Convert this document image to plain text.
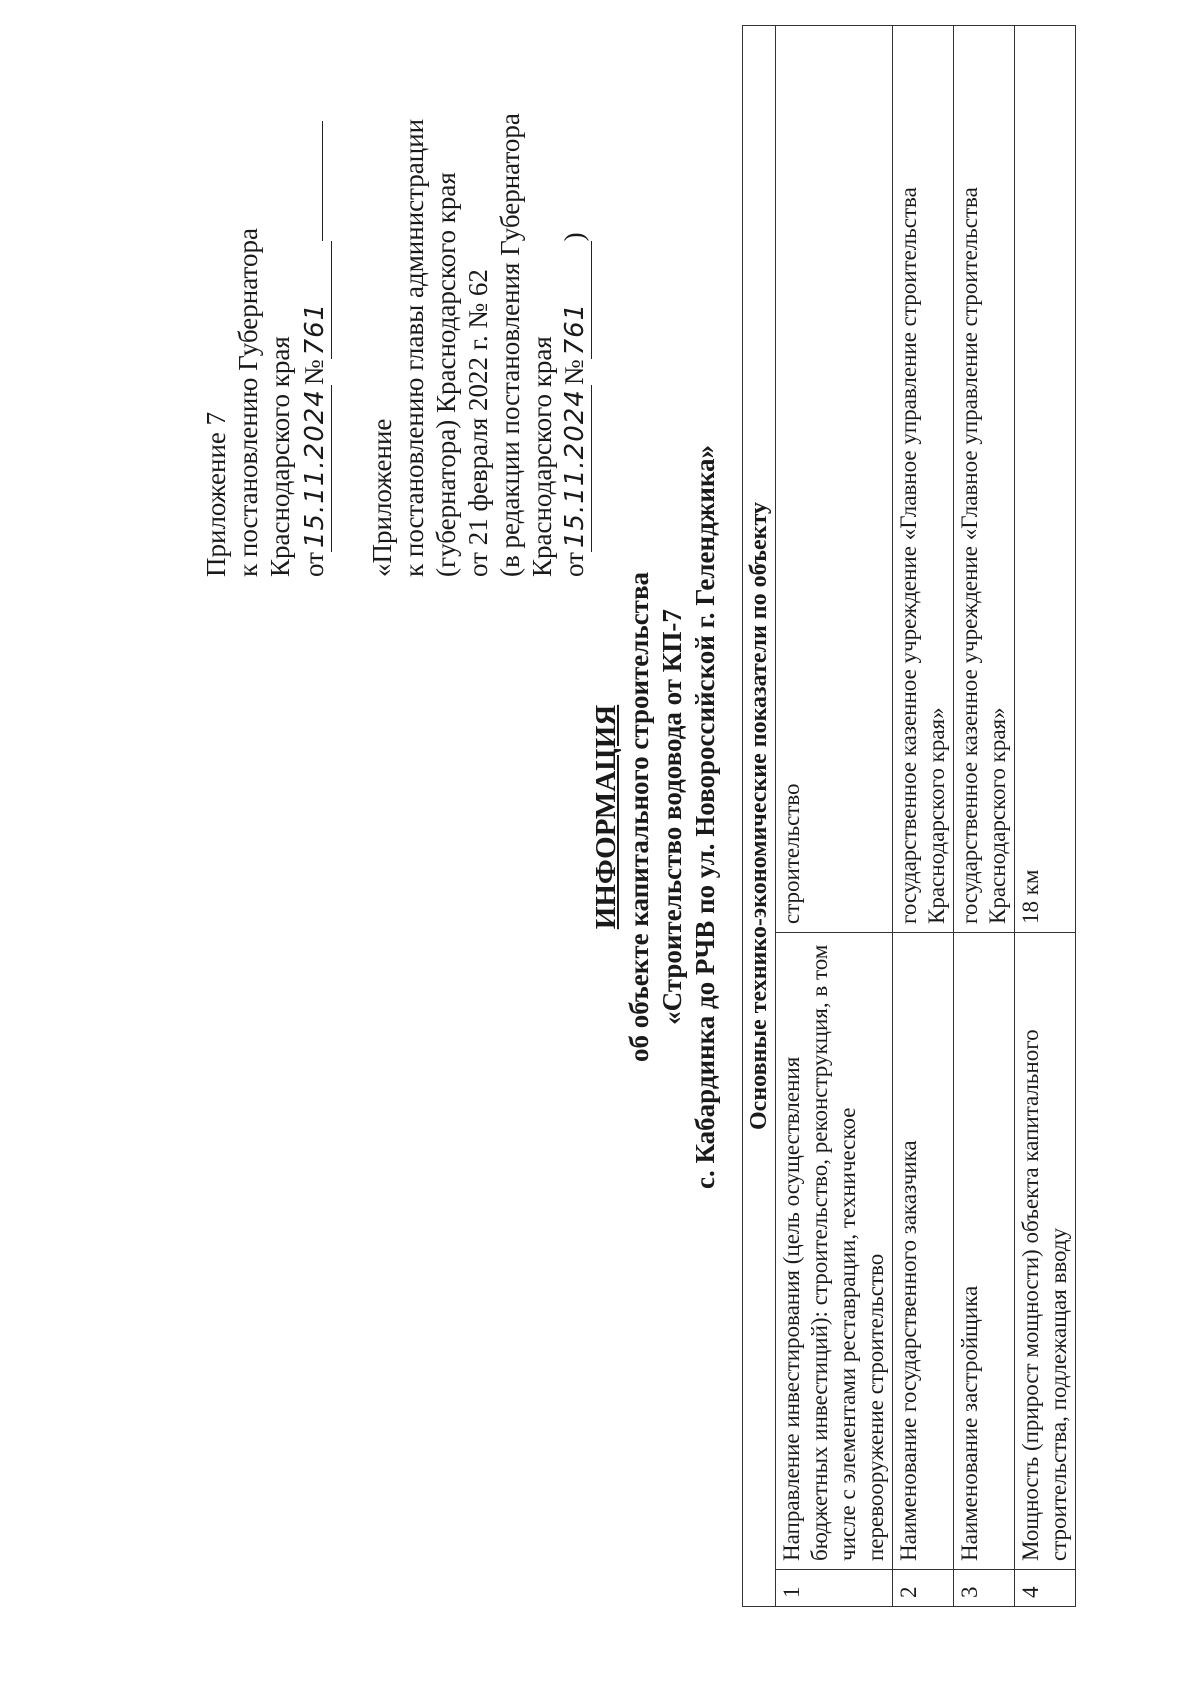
Приложение 7 к постановлению Губернатора Краснодарского края от15.11.2024№761
«Приложение к постановлению главы администрации (губернатора) Краснодарского края от 21 февраля 2022 г. № 62 (в редакции постановления Губернатора Краснодарского края от15.11.2024№761)
ИНФОРМАЦИЯ об объекте капитального строительства «Строительство водовода от КП-7 с. Кабардинка до РЧВ по ул. Новороссийской г. Геленджика» Основные технико-экономические показатели по объекту		
1	Направление инвестирования (цель осуществления бюджетных инвестиций): строительство, реконструкция, в том числе с элементами реставрации, техническое перевооружение строительство	строительство
2	Наименование государственного заказчика	государственное казенное учреждение «Главное управление строительства Краснодарского края»
3	Наименование застройщика	государственное казенное учреждение «Главное управление строительства Краснодарского края»
4	Мощность (прирост мощности) объекта капитального строительства, подлежащая вводу	18 км
